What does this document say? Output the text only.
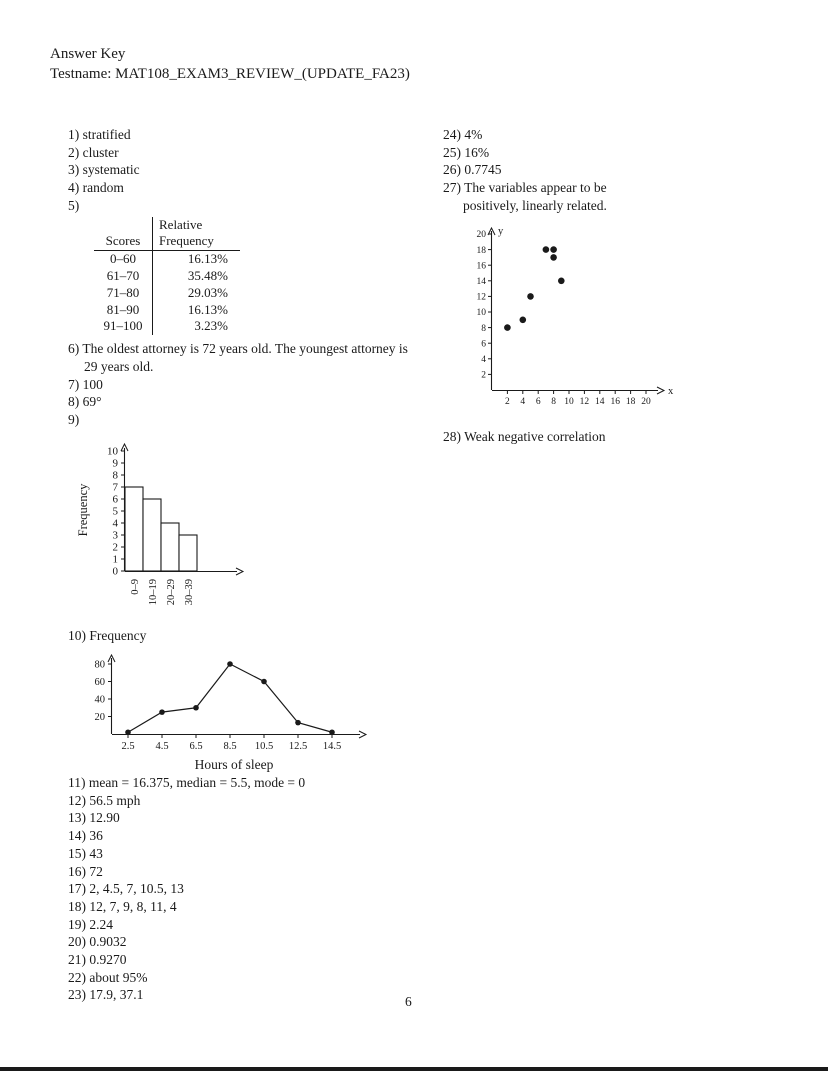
Answer Key
Testname: MAT108_EXAM3_REVIEW_(UPDATE_FA23)
1) stratified
2) cluster
3) systematic
4) random
5)
	Relative
Scores	Frequency
0–60	16.13%
61–70	35.48%
71–80	29.03%
81–90	16.13%
91–100	3.23%
6) The oldest attorney is 72 years old. The youngest attorney is 29 years old.
7) 100
8) 69°
9)
0
1
2
3
4
5
6
7
8
9
10
0–9 10–19 20–29 30–39
Frequency
10) Frequency
20
40
60
80
2.5 4.5 6.5 8.5 10.5 12.5 14.5
Hours of sleep
11) mean = 16.375, median = 5.5, mode = 0
12) 56.5 mph
13) 12.90
14) 36
15) 43
16) 72
17) 2, 4.5, 7, 10.5, 13
18) 12, 7, 9, 8, 11, 4
19) 2.24
20) 0.9032
21) 0.9270
22) about 95%
23) 17.9, 37.1
24) 4%
25) 16%
26) 0.7745
27) The variables appear to be positively, linearly related.
y
x
2
4
6
8
10
12
14
16
18
20
2 4 6 8 10 12 14 16 18 20
28) Weak negative correlation
6
